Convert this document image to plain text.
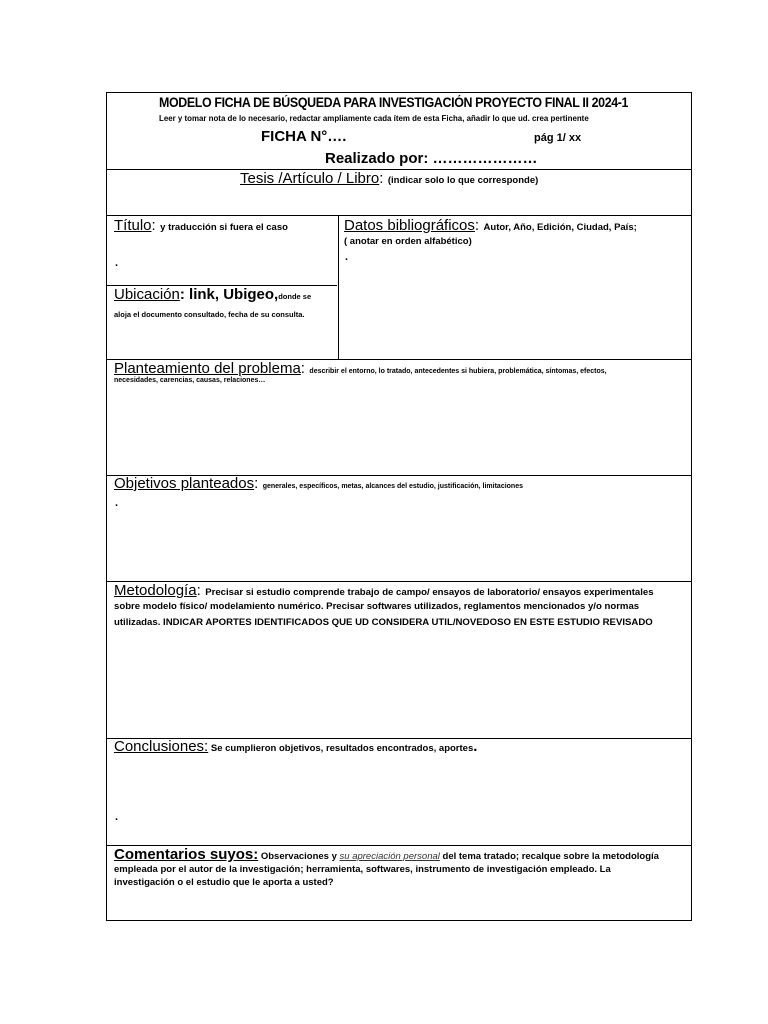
MODELO FICHA DE BÚSQUEDA PARA INVESTIGACIÓN PROYECTO FINAL II 2024-1
Leer y tomar nota de lo necesario, redactar ampliamente cada ítem de esta Ficha, añadir lo que ud. crea pertinente
FICHA N°….	pág 1/ xx
Realizado por: …………………
Tesis /Artículo / Libro: (indicar solo lo que corresponde)
Título: y traducción si fuera el caso
.
Datos bibliográficos: Autor, Año, Edición, Ciudad, País;
( anotar en orden alfabético)
.
Ubicación: link, Ubigeo,donde se
aloja el documento consultado, fecha de su consulta.
Planteamiento del problema: describir el entorno, lo tratado, antecedentes si hubiera, problemática, síntomas, efectos,
necesidades, carencias, causas, relaciones…
Objetivos planteados: generales, específicos, metas, alcances del estudio, justificación, limitaciones
.
Metodología: Precisar si estudio comprende trabajo de campo/ ensayos de laboratorio/ ensayos experimentales
sobre modelo físico/ modelamiento numérico. Precisar softwares utilizados, reglamentos mencionados y/o normas
utilizadas. INDICAR APORTES IDENTIFICADOS QUE UD CONSIDERA UTIL/NOVEDOSO EN ESTE ESTUDIO REVISADO
Conclusiones: Se cumplieron objetivos, resultados encontrados, aportes.
.
Comentarios suyos: Observaciones y su apreciación personal del tema tratado; recalque sobre la metodología
empleada por el autor de la investigación; herramienta, softwares, instrumento de investigación empleado. La
investigación o el estudio que le aporta a usted?
